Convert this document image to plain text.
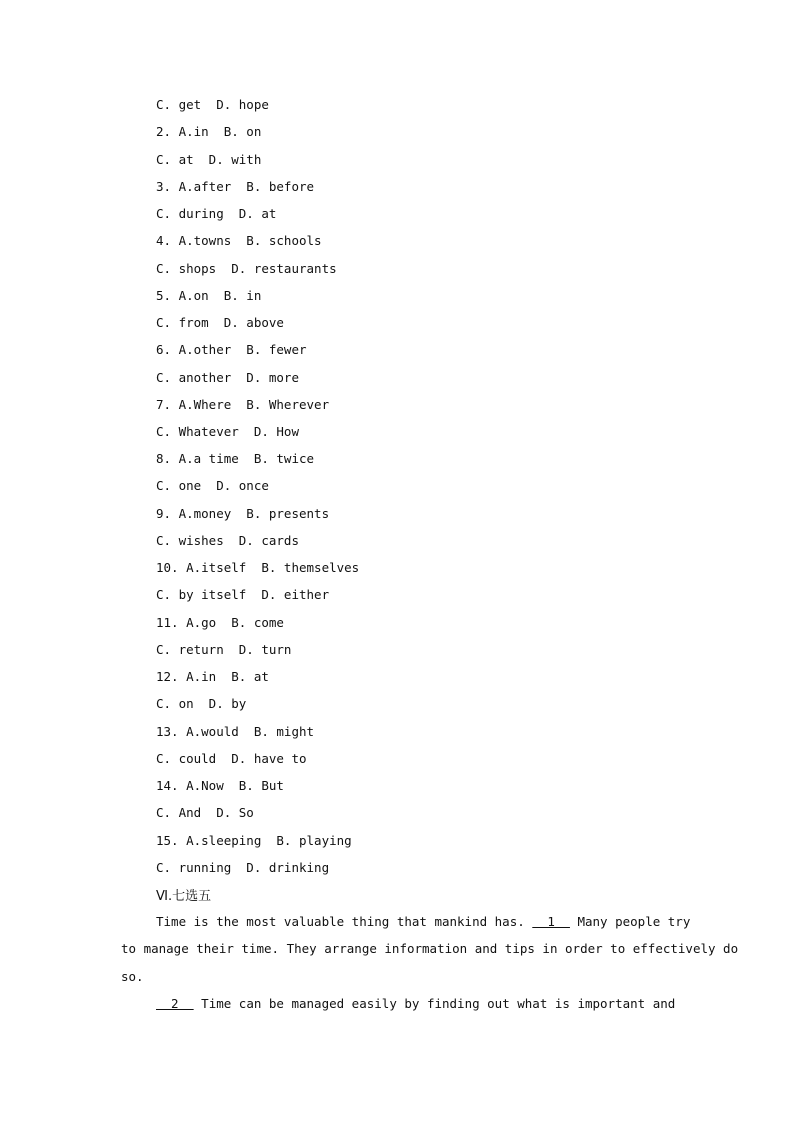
C. get  D. hope
2. A.in  B. on
C. at  D. with
3. A.after  B. before
C. during  D. at
4. A.towns  B. schools
C. shops  D. restaurants
5. A.on  B. in
C. from  D. above
6. A.other  B. fewer
C. another  D. more
7. A.Where  B. Wherever
C. Whatever  D. How
8. A.a time  B. twice
C. one  D. once
9. A.money  B. presents
C. wishes  D. cards
10. A.itself  B. themselves
C. by itself  D. either
11. A.go  B. come
C. return  D. turn
12. A.in  B. at
C. on  D. by
13. A.would  B. might
C. could  D. have to
14. A.Now  B. But
C. And  D. So
15. A.sleeping  B. playing
C. running  D. drinking
Ⅵ.七选五
Time is the most valuable thing that mankind has.   1   Many people try
to manage their time. They arrange information and tips in order to effectively do
so.
2   Time can be managed easily by finding out what is important and
